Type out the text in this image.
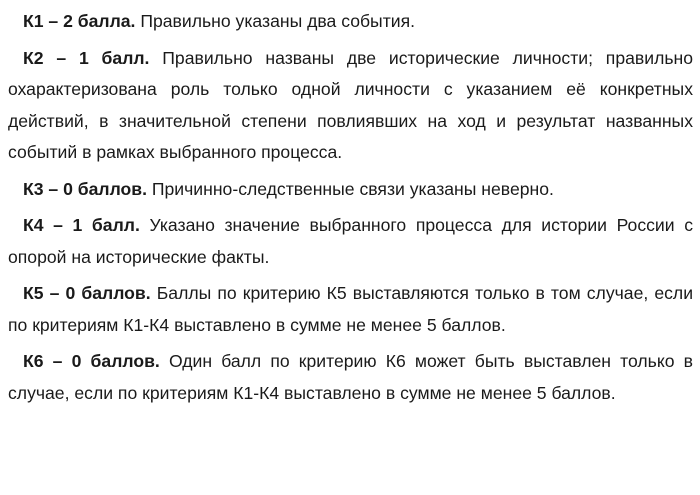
К1 – 2 балла. Правильно указаны два события.

К2 – 1 балл. Правильно названы две исторические личности; правильно охарактеризована роль только одной личности с указанием её конкретных действий, в значительной степени повлиявших на ход и результат названных событий в рамках выбранного процесса.

К3 – 0 баллов. Причинно-следственные связи указаны неверно.

К4 – 1 балл. Указано значение выбранного процесса для истории России с опорой на исторические факты.

К5 – 0 баллов. Баллы по критерию К5 выставляются только в том случае, если по критериям К1-К4 выставлено в сумме не менее 5 баллов.

К6 – 0 баллов. Один балл по критерию К6 может быть выставлен только в случае, если по критериям К1-К4 выставлено в сумме не менее 5 баллов.
